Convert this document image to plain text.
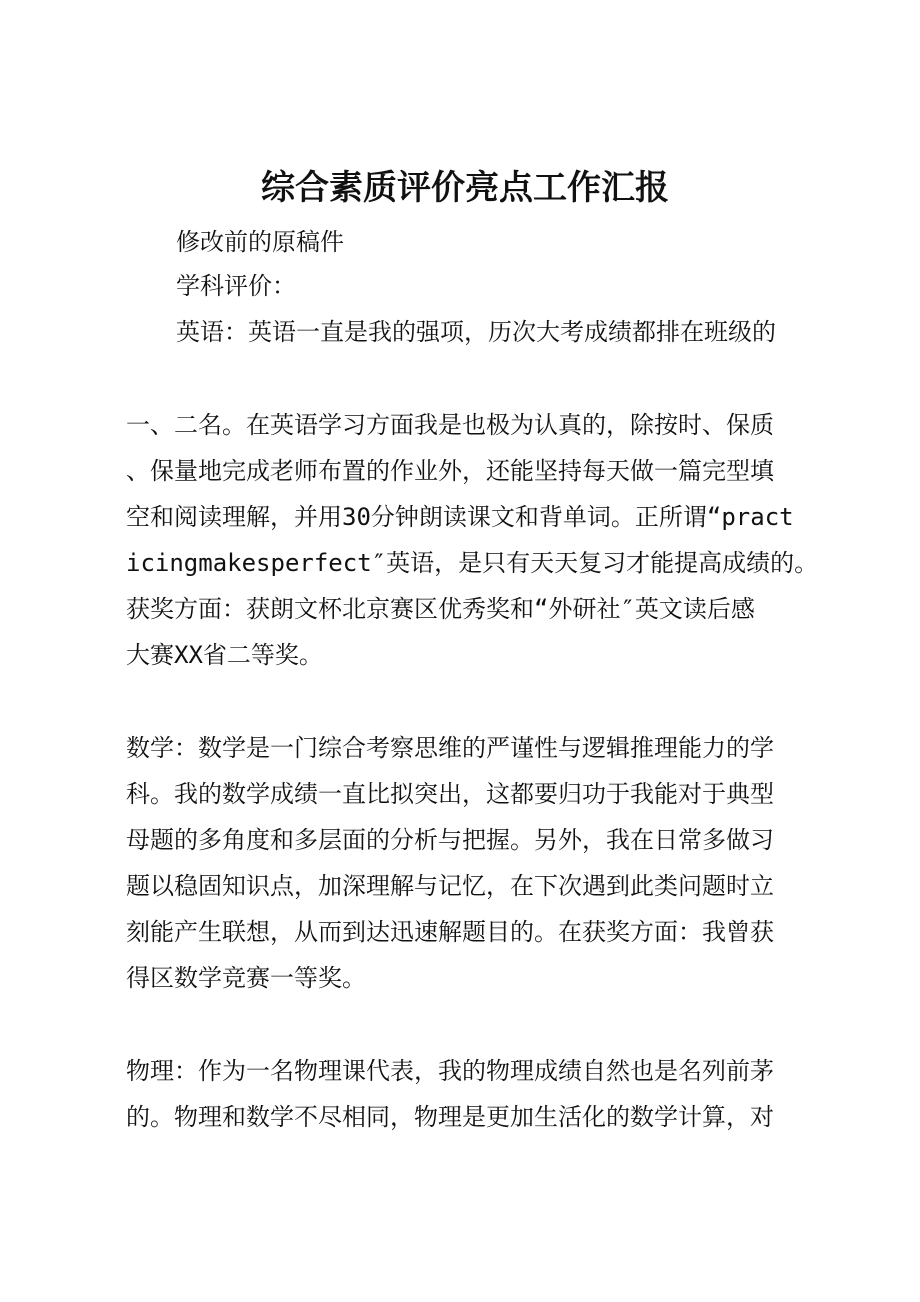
综合素质评价亮点工作汇报
修改前的原稿件
学科评价：
英语：英语一直是我的强项，历次大考成绩都排在班级的
一、二名。在英语学习方面我是也极为认真的，除按时、保质
、保量地完成老师布置的作业外，还能坚持每天做一篇完型填
空和阅读理解，并用30分钟朗读课文和背单词。正所谓“pract
icingmakesperfect″英语，是只有天天复习才能提高成绩的。
获奖方面：获朗文杯北京赛区优秀奖和“外研社″英文读后感
大赛XX省二等奖。
数学：数学是一门综合考察思维的严谨性与逻辑推理能力的学
科。我的数学成绩一直比拟突出，这都要归功于我能对于典型
母题的多角度和多层面的分析与把握。另外，我在日常多做习
题以稳固知识点，加深理解与记忆，在下次遇到此类问题时立
刻能产生联想，从而到达迅速解题目的。在获奖方面：我曾获
得区数学竞赛一等奖。
物理：作为一名物理课代表，我的物理成绩自然也是名列前茅
的。物理和数学不尽相同，物理是更加生活化的数学计算，对
